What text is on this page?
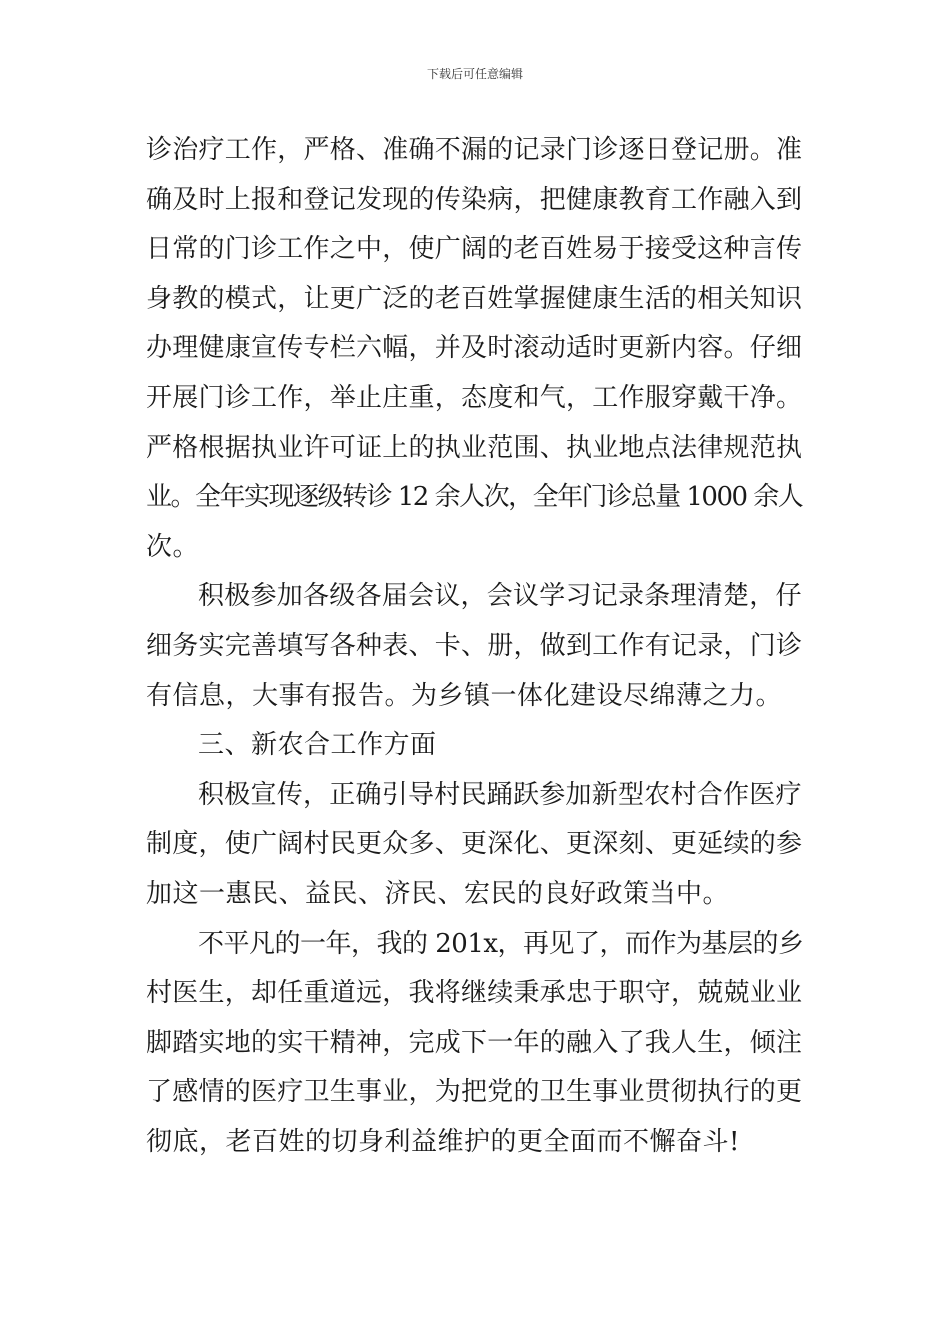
下载后可任意编辑
诊治疗工作，严格、准确不漏的记录门诊逐日登记册。准
确及时上报和登记发现的传染病，把健康教育工作融入到
日常的门诊工作之中，使广阔的老百姓易于接受这种言传
身教的模式，让更广泛的老百姓掌握健康生活的相关知识
办理健康宣传专栏六幅，并及时滚动适时更新内容。仔细
开展门诊工作，举止庄重，态度和气，工作服穿戴干净。
严格根据执业许可证上的执业范围、执业地点法律规范执
业。全年实现逐级转诊 12 余人次，全年门诊总量 1000 余人
次。
积极参加各级各届会议，会议学习记录条理清楚，仔
细务实完善填写各种表、卡、册，做到工作有记录，门诊
有信息，大事有报告。为乡镇一体化建设尽绵薄之力。
三、新农合工作方面
积极宣传，正确引导村民踊跃参加新型农村合作医疗
制度，使广阔村民更众多、更深化、更深刻、更延续的参
加这一惠民、益民、济民、宏民的良好政策当中。
不平凡的一年，我的 201x，再见了，而作为基层的乡
村医生，却任重道远，我将继续秉承忠于职守，兢兢业业
脚踏实地的实干精神，完成下一年的融入了我人生，倾注
了感情的医疗卫生事业，为把党的卫生事业贯彻执行的更
彻底，老百姓的切身利益维护的更全面而不懈奋斗!
